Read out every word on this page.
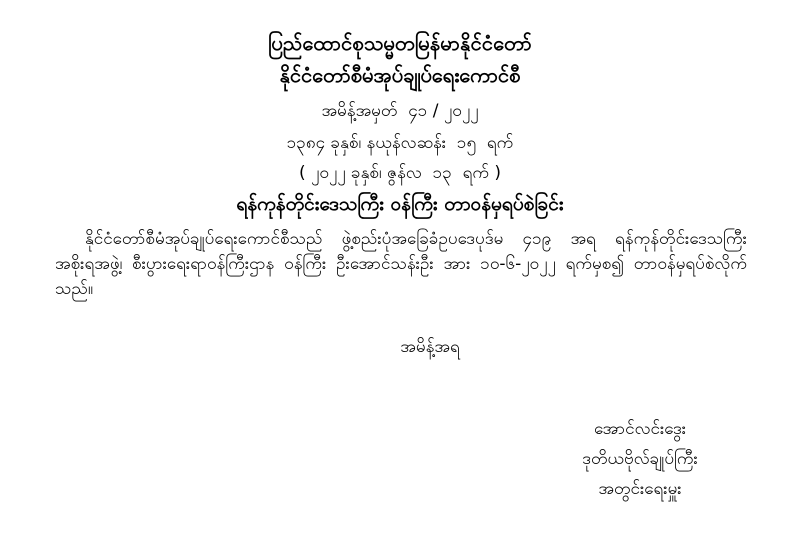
ပြည်ထောင်စုသမ္မတမြန်မာနိုင်ငံတော်
နိုင်ငံတော်စီမံအုပ်ချုပ်ရေးကောင်စီ
အမိန့်အမှတ်  ၄၁ / ၂၀၂၂
၁၃၈၄ ခုနှစ်၊ နယုန်လဆန်း  ၁၅  ရက်
( ၂၀၂၂ ခုနှစ်၊ ဇွန်လ  ၁၃  ရက် )
ရန်ကုန်တိုင်းဒေသကြီး ဝန်ကြီး တာဝန်မှရပ်စဲခြင်း
နိုင်ငံတော်စီမံအုပ်ချုပ်ရေးကောင်စီသည် ဖွဲ့စည်းပုံအခြေခံဥပဒေပုဒ်မ ၄၁၉ အရ ရန်ကုန်တိုင်းဒေသကြီးအစိုးရအဖွဲ့၊ စီးပွားရေးရာဝန်ကြီးဌာန ဝန်ကြီး ဦးအောင်သန်းဦး အား ၁၀-၆-၂၀၂၂ ရက်မှစ၍ တာဝန်မှရပ်စဲလိုက်သည်။
အမိန့်အရ
အောင်လင်းဒွေး
ဒုတိယဗိုလ်ချုပ်ကြီး
အတွင်းရေးမှူး
